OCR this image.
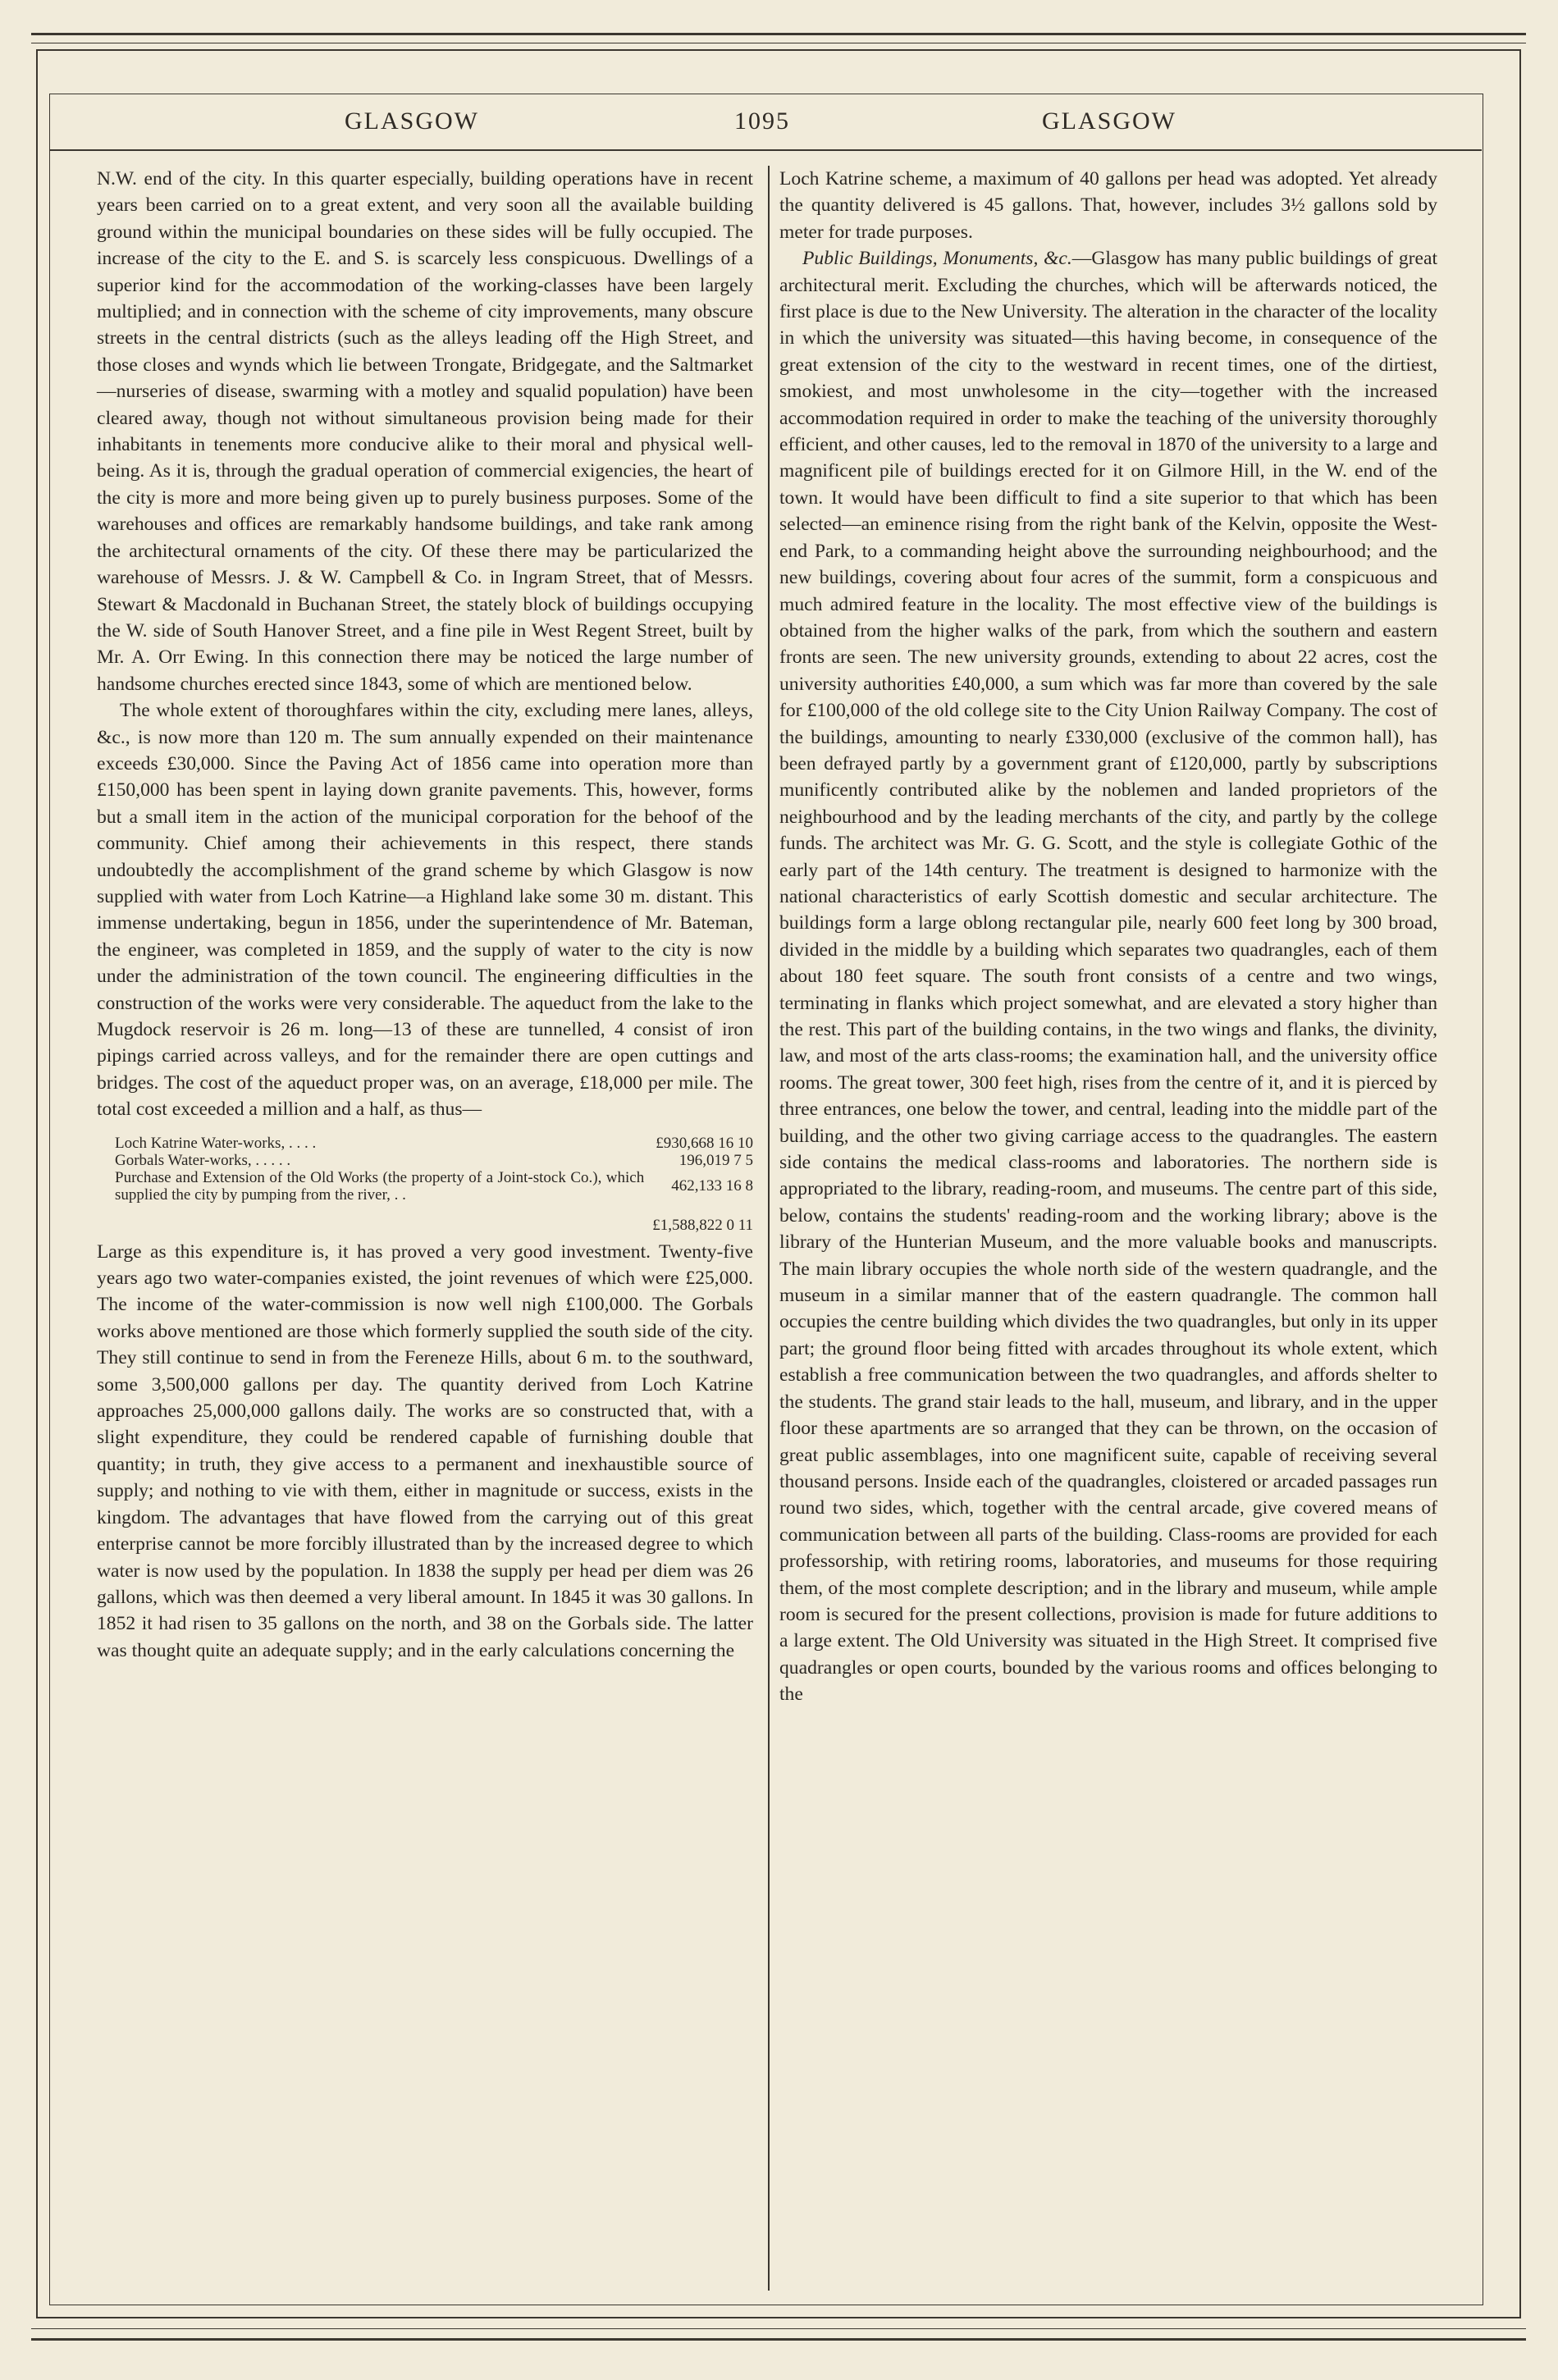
GLASGOW	1095	GLASGOW

N.W. end of the city. In this quarter especially, building operations have in recent years been carried on to a great extent, and very soon all the available building ground within the municipal boundaries on these sides will be fully occupied. The increase of the city to the E. and S. is scarcely less conspicuous. Dwellings of a superior kind for the accommodation of the working-classes have been largely multiplied; and in connection with the scheme of city improvements, many obscure streets in the central districts (such as the alleys leading off the High Street, and those closes and wynds which lie between Trongate, Bridgegate, and the Saltmarket—nurseries of disease, swarming with a motley and squalid population) have been cleared away, though not without simultaneous provision being made for their inhabitants in tenements more conducive alike to their moral and physical well-being. As it is, through the gradual operation of commercial exigencies, the heart of the city is more and more being given up to purely business purposes. Some of the warehouses and offices are remarkably handsome buildings, and take rank among the architectural ornaments of the city. Of these there may be particularized the warehouse of Messrs. J. & W. Campbell & Co. in Ingram Street, that of Messrs. Stewart & Macdonald in Buchanan Street, the stately block of buildings occupying the W. side of South Hanover Street, and a fine pile in West Regent Street, built by Mr. A. Orr Ewing. In this connection there may be noticed the large number of handsome churches erected since 1843, some of which are mentioned below.

The whole extent of thoroughfares within the city, excluding mere lanes, alleys, &c., is now more than 120 m. The sum annually expended on their maintenance exceeds £30,000. Since the Paving Act of 1856 came into operation more than £150,000 has been spent in laying down granite pavements. This, however, forms but a small item in the action of the municipal corporation for the behoof of the community. Chief among their achievements in this respect, there stands undoubtedly the accomplishment of the grand scheme by which Glasgow is now supplied with water from Loch Katrine—a Highland lake some 30 m. distant. This immense undertaking, begun in 1856, under the superintendence of Mr. Bateman, the engineer, was completed in 1859, and the supply of water to the city is now under the administration of the town council. The engineering difficulties in the construction of the works were very considerable. The aqueduct from the lake to the Mugdock reservoir is 26 m. long—13 of these are tunnelled, 4 consist of iron pipings carried across valleys, and for the remainder there are open cuttings and bridges. The cost of the aqueduct proper was, on an average, £18,000 per mile. The total cost exceeded a million and a half, as thus—

Loch Katrine Water-works, . . . .	£930,668 16 10
Gorbals Water-works, . . . . .	196,019 7 5
Purchase and Extension of the Old Works (the property of a Joint-stock Co.), which supplied the city by pumping from the river, . .	462,133 16 8
	£1,588,822 0 11

Large as this expenditure is, it has proved a very good investment. Twenty-five years ago two water-companies existed, the joint revenues of which were £25,000. The income of the water-commission is now well nigh £100,000. The Gorbals works above mentioned are those which formerly supplied the south side of the city. They still continue to send in from the Fereneze Hills, about 6 m. to the southward, some 3,500,000 gallons per day. The quantity derived from Loch Katrine approaches 25,000,000 gallons daily. The works are so constructed that, with a slight expenditure, they could be rendered capable of furnishing double that quantity; in truth, they give access to a permanent and inexhaustible source of supply; and nothing to vie with them, either in magnitude or success, exists in the kingdom. The advantages that have flowed from the carrying out of this great enterprise cannot be more forcibly illustrated than by the increased degree to which water is now used by the population. In 1838 the supply per head per diem was 26 gallons, which was then deemed a very liberal amount. In 1845 it was 30 gallons. In 1852 it had risen to 35 gallons on the north, and 38 on the Gorbals side. The latter was thought quite an adequate supply; and in the early calculations concerning the

Loch Katrine scheme, a maximum of 40 gallons per head was adopted. Yet already the quantity delivered is 45 gallons. That, however, includes 3½ gallons sold by meter for trade purposes.

Public Buildings, Monuments, &c.—Glasgow has many public buildings of great architectural merit. Excluding the churches, which will be afterwards noticed, the first place is due to the New University. The alteration in the character of the locality in which the university was situated—this having become, in consequence of the great extension of the city to the westward in recent times, one of the dirtiest, smokiest, and most unwholesome in the city—together with the increased accommodation required in order to make the teaching of the university thoroughly efficient, and other causes, led to the removal in 1870 of the university to a large and magnificent pile of buildings erected for it on Gilmore Hill, in the W. end of the town. It would have been difficult to find a site superior to that which has been selected—an eminence rising from the right bank of the Kelvin, opposite the West-end Park, to a commanding height above the surrounding neighbourhood; and the new buildings, covering about four acres of the summit, form a conspicuous and much admired feature in the locality. The most effective view of the buildings is obtained from the higher walks of the park, from which the southern and eastern fronts are seen. The new university grounds, extending to about 22 acres, cost the university authorities £40,000, a sum which was far more than covered by the sale for £100,000 of the old college site to the City Union Railway Company. The cost of the buildings, amounting to nearly £330,000 (exclusive of the common hall), has been defrayed partly by a government grant of £120,000, partly by subscriptions munificently contributed alike by the noblemen and landed proprietors of the neighbourhood and by the leading merchants of the city, and partly by the college funds. The architect was Mr. G. G. Scott, and the style is collegiate Gothic of the early part of the 14th century. The treatment is designed to harmonize with the national characteristics of early Scottish domestic and secular architecture. The buildings form a large oblong rectangular pile, nearly 600 feet long by 300 broad, divided in the middle by a building which separates two quadrangles, each of them about 180 feet square. The south front consists of a centre and two wings, terminating in flanks which project somewhat, and are elevated a story higher than the rest. This part of the building contains, in the two wings and flanks, the divinity, law, and most of the arts class-rooms; the examination hall, and the university office rooms. The great tower, 300 feet high, rises from the centre of it, and it is pierced by three entrances, one below the tower, and central, leading into the middle part of the building, and the other two giving carriage access to the quadrangles. The eastern side contains the medical class-rooms and laboratories. The northern side is appropriated to the library, reading-room, and museums. The centre part of this side, below, contains the students' reading-room and the working library; above is the library of the Hunterian Museum, and the more valuable books and manuscripts. The main library occupies the whole north side of the western quadrangle, and the museum in a similar manner that of the eastern quadrangle. The common hall occupies the centre building which divides the two quadrangles, but only in its upper part; the ground floor being fitted with arcades throughout its whole extent, which establish a free communication between the two quadrangles, and affords shelter to the students. The grand stair leads to the hall, museum, and library, and in the upper floor these apartments are so arranged that they can be thrown, on the occasion of great public assemblages, into one magnificent suite, capable of receiving several thousand persons. Inside each of the quadrangles, cloistered or arcaded passages run round two sides, which, together with the central arcade, give covered means of communication between all parts of the building. Class-rooms are provided for each professorship, with retiring rooms, laboratories, and museums for those requiring them, of the most complete description; and in the library and museum, while ample room is secured for the present collections, provision is made for future additions to a large extent. The Old University was situated in the High Street. It comprised five quadrangles or open courts, bounded by the various rooms and offices belonging to the
